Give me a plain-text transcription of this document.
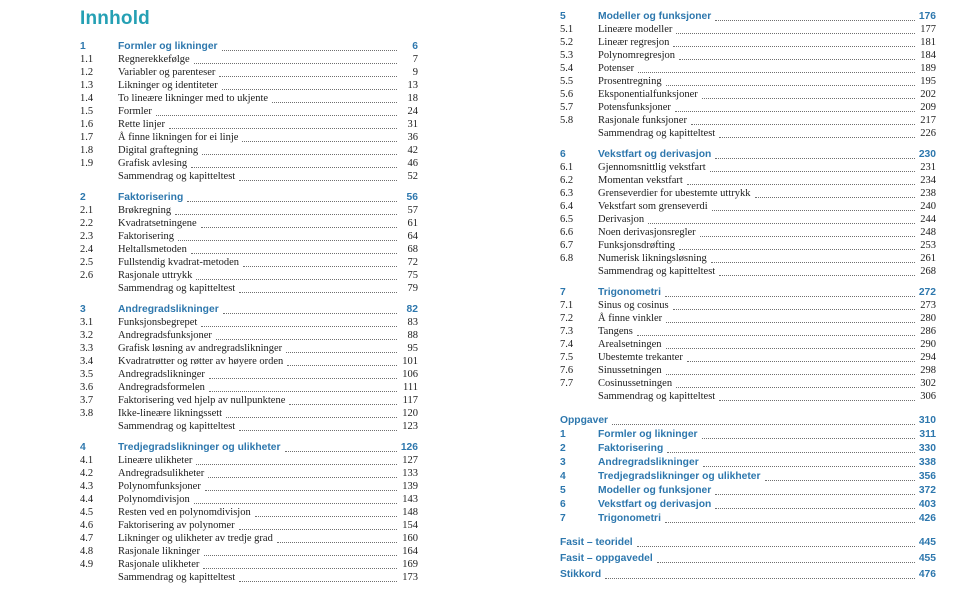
Innhold
1	Formler og likninger	6
1.1	Regnerekkefølge	7
1.2	Variabler og parenteser	9
1.3	Likninger og identiteter	13
1.4	To lineære likninger med to ukjente	18
1.5	Formler	24
1.6	Rette linjer	31
1.7	Å finne likningen for ei linje	36
1.8	Digital graftegning	42
1.9	Grafisk avlesing	46
Sammendrag og kapitteltest	52
2	Faktorisering	56
2.1	Brøkregning	57
2.2	Kvadratsetningene	61
2.3	Faktorisering	64
2.4	Heltallsmetoden	68
2.5	Fullstendig kvadrat-metoden	72
2.6	Rasjonale uttrykk	75
Sammendrag og kapitteltest	79
3	Andregradslikninger	82
3.1	Funksjonsbegrepet	83
3.2	Andregradsfunksjoner	88
3.3	Grafisk løsning av andregradslikninger	95
3.4	Kvadratrøtter og røtter av høyere orden	101
3.5	Andregradslikninger	106
3.6	Andregradsformelen	111
3.7	Faktorisering ved hjelp av nullpunktene	117
3.8	Ikke-lineære likningssett	120
Sammendrag og kapitteltest	123
4	Tredjegradslikninger og ulikheter	126
4.1	Lineære ulikheter	127
4.2	Andregradsulikheter	133
4.3	Polynomfunksjoner	139
4.4	Polynomdivisjon	143
4.5	Resten ved en polynomdivisjon	148
4.6	Faktorisering av polynomer	154
4.7	Likninger og ulikheter av tredje grad	160
4.8	Rasjonale likninger	164
4.9	Rasjonale ulikheter	169
Sammendrag og kapitteltest	173
5	Modeller og funksjoner	176
5.1	Lineære modeller	177
5.2	Lineær regresjon	181
5.3	Polynomregresjon	184
5.4	Potenser	189
5.5	Prosentregning	195
5.6	Eksponentialfunksjoner	202
5.7	Potensfunksjoner	209
5.8	Rasjonale funksjoner	217
Sammendrag og kapitteltest	226
6	Vekstfart og derivasjon	230
6.1	Gjennomsnittlig vekstfart	231
6.2	Momentan vekstfart	234
6.3	Grenseverdier for ubestemte uttrykk	238
6.4	Vekstfart som grenseverdi	240
6.5	Derivasjon	244
6.6	Noen derivasjonsregler	248
6.7	Funksjonsdrøfting	253
6.8	Numerisk likningsløsning	261
Sammendrag og kapitteltest	268
7	Trigonometri	272
7.1	Sinus og cosinus	273
7.2	Å finne vinkler	280
7.3	Tangens	286
7.4	Arealsetningen	290
7.5	Ubestemte trekanter	294
7.6	Sinussetningen	298
7.7	Cosinussetningen	302
Sammendrag og kapitteltest	306
Oppgaver	310
1	Formler og likninger	311
2	Faktorisering	330
3	Andregradslikninger	338
4	Tredjegradslikninger og ulikheter	356
5	Modeller og funksjoner	372
6	Vekstfart og derivasjon	403
7	Trigonometri	426
Fasit – teoridel	445
Fasit – oppgavedel	455
Stikkord	476
